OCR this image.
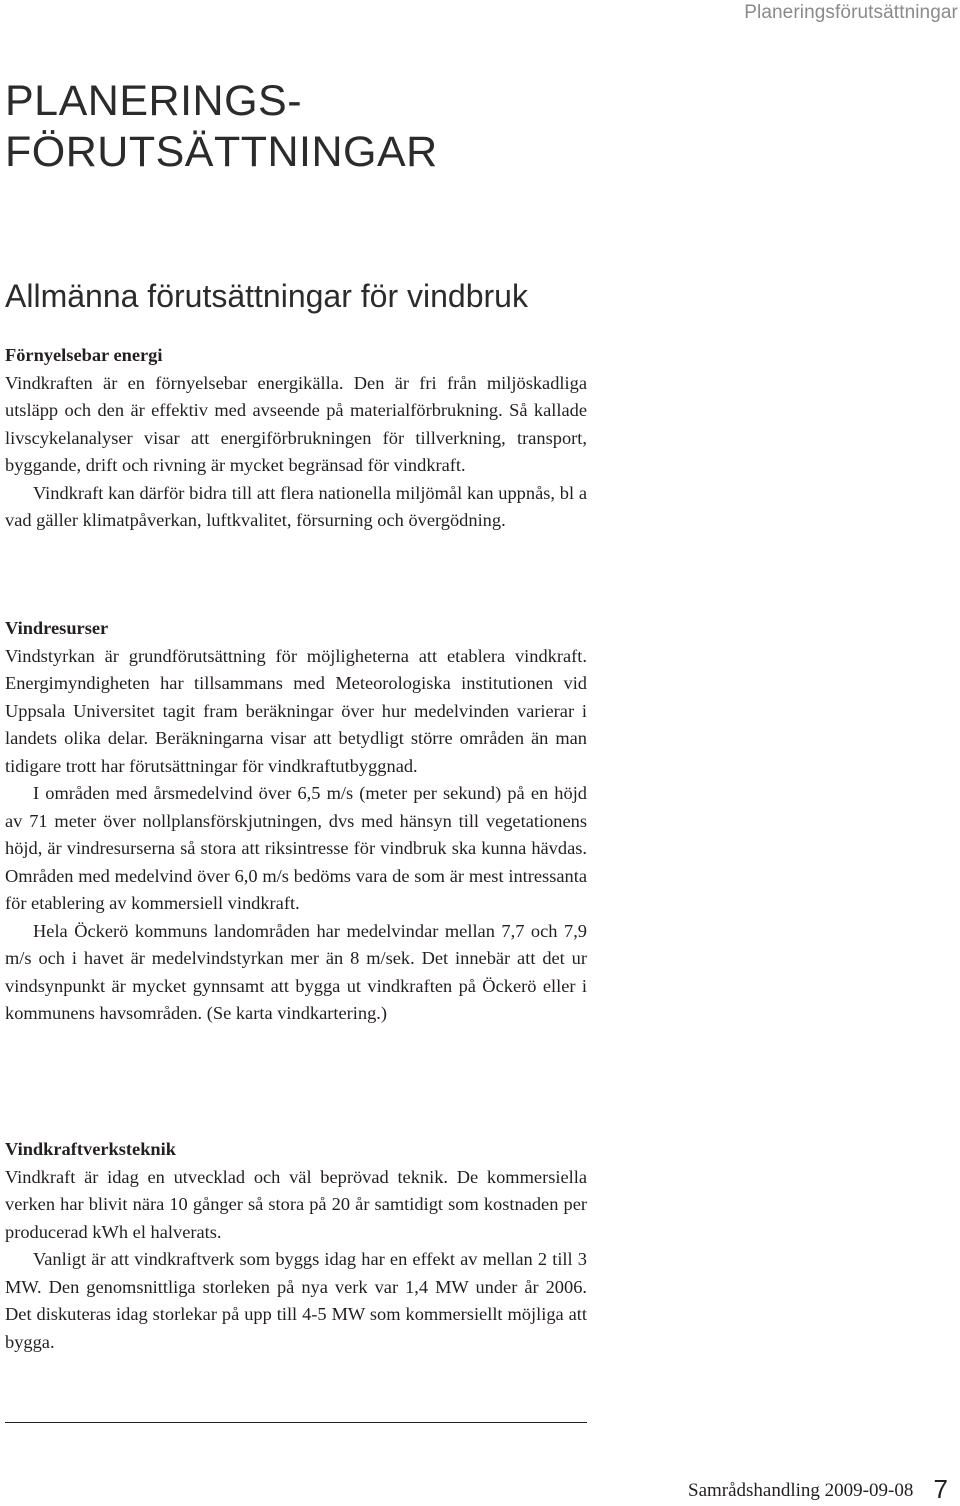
Planeringsförutsättningar
PLANERINGS-
FÖRUTSÄTTNINGAR
Allmänna förutsättningar för vindbruk
Förnyelsebar energi

Vindkraften är en förnyelsebar energikälla. Den är fri från miljöskadliga utsläpp och den är effektiv med avseende på materialförbrukning. Så kallade livscykelanalyser visar att energiförbrukningen för tillverkning, transport, byggande, drift och rivning är mycket begränsad för vindkraft.

Vindkraft kan därför bidra till att flera nationella miljömål kan uppnås, bl a vad gäller klimatpåverkan, luftkvalitet, försurning och övergödning.

Vindresurser

Vindstyrkan är grundförutsättning för möjligheterna att etablera vindkraft. Energimyndigheten har tillsammans med Meteorologiska institutionen vid Uppsala Universitet tagit fram beräkningar över hur medelvinden varierar i landets olika delar. Beräkningarna visar att betydligt större områden än man tidigare trott har förutsättningar för vindkraftutbyggnad.

I områden med årsmedelvind över 6,5 m/s (meter per sekund) på en höjd av 71 meter över nollplansförskjutningen, dvs med hänsyn till vegetationens höjd, är vindresurserna så stora att riksintresse för vindbruk ska kunna hävdas. Områden med medelvind över 6,0 m/s bedöms vara de som är mest intressanta för etablering av kommersiell vindkraft.

Hela Öckerö kommuns landområden har medelvindar mellan 7,7 och 7,9 m/s och i havet är medelvindstyrkan mer än 8 m/sek. Det innebär att det ur vindsynpunkt är mycket gynnsamt att bygga ut vindkraften på Öckerö eller i kommunens havsområden. (Se karta vindkartering.)

Vindkraftverksteknik

Vindkraft är idag en utvecklad och väl beprövad teknik. De kommersiella verken har blivit nära 10 gånger så stora på 20 år samtidigt som kostnaden per producerad kWh el halverats.

Vanligt är att vindkraftverk som byggs idag har en effekt av mellan 2 till 3 MW. Den genomsnittliga storleken på nya verk var 1,4 MW under år 2006. Det diskuteras idag storlekar på upp till 4-5 MW som kommersiellt möjliga att bygga.

Samrådshandling 2009-09-08 7
